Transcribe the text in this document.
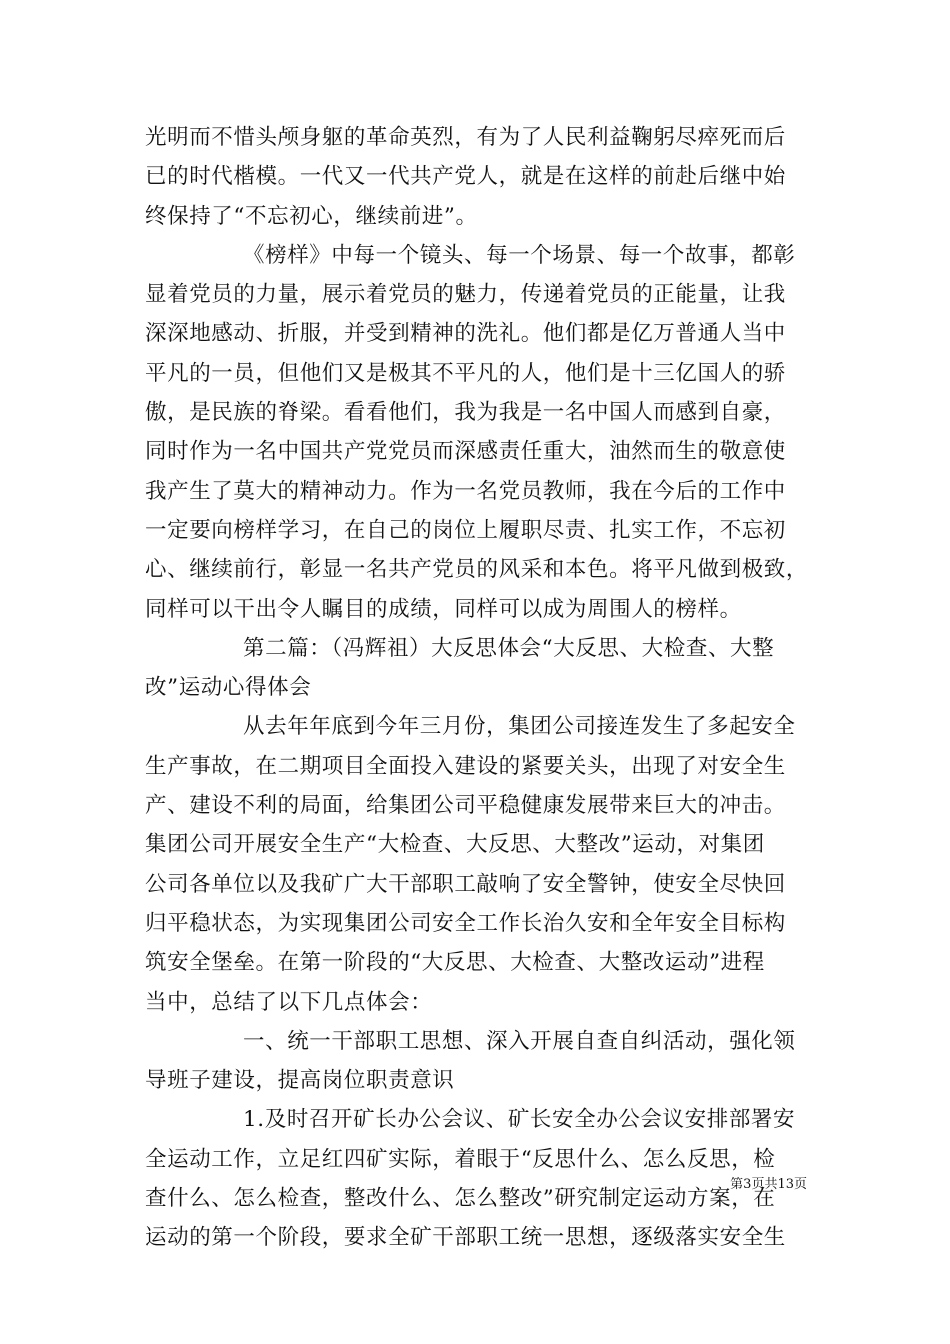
光明而不惜头颅身躯的革命英烈，有为了人民利益鞠躬尽瘁死而后
已的时代楷模。一代又一代共产党人，就是在这样的前赴后继中始
终保持了“不忘初心，继续前进”。
《榜样》中每一个镜头、每一个场景、每一个故事，都彰
显着党员的力量，展示着党员的魅力，传递着党员的正能量，让我
深深地感动、折服，并受到精神的洗礼。他们都是亿万普通人当中
平凡的一员，但他们又是极其不平凡的人，他们是十三亿国人的骄
傲，是民族的脊梁。看看他们，我为我是一名中国人而感到自豪，
同时作为一名中国共产党党员而深感责任重大，油然而生的敬意使
我产生了莫大的精神动力。作为一名党员教师，我在今后的工作中
一定要向榜样学习，在自己的岗位上履职尽责、扎实工作，不忘初
心、继续前行，彰显一名共产党员的风采和本色。将平凡做到极致，
同样可以干出令人瞩目的成绩，同样可以成为周围人的榜样。
第二篇：（冯辉祖）大反思体会“大反思、大检查、大整
改”运动心得体会
从去年年底到今年三月份，集团公司接连发生了多起安全
生产事故，在二期项目全面投入建设的紧要关头，出现了对安全生
产、建设不利的局面，给集团公司平稳健康发展带来巨大的冲击。
集团公司开展安全生产“大检查、大反思、大整改”运动，对集团
公司各单位以及我矿广大干部职工敲响了安全警钟，使安全尽快回
归平稳状态，为实现集团公司安全工作长治久安和全年安全目标构
筑安全堡垒。在第一阶段的“大反思、大检查、大整改运动”进程
当中，总结了以下几点体会：
一、统一干部职工思想、深入开展自查自纠活动，强化领
导班子建设，提高岗位职责意识
1.及时召开矿长办公会议、矿长安全办公会议安排部署安
全运动工作，立足红四矿实际，着眼于“反思什么、怎么反思，检
查什么、怎么检查，整改什么、怎么整改”研究制定运动方案，在
运动的第一个阶段，要求全矿干部职工统一思想，逐级落实安全生
第3页共13页
